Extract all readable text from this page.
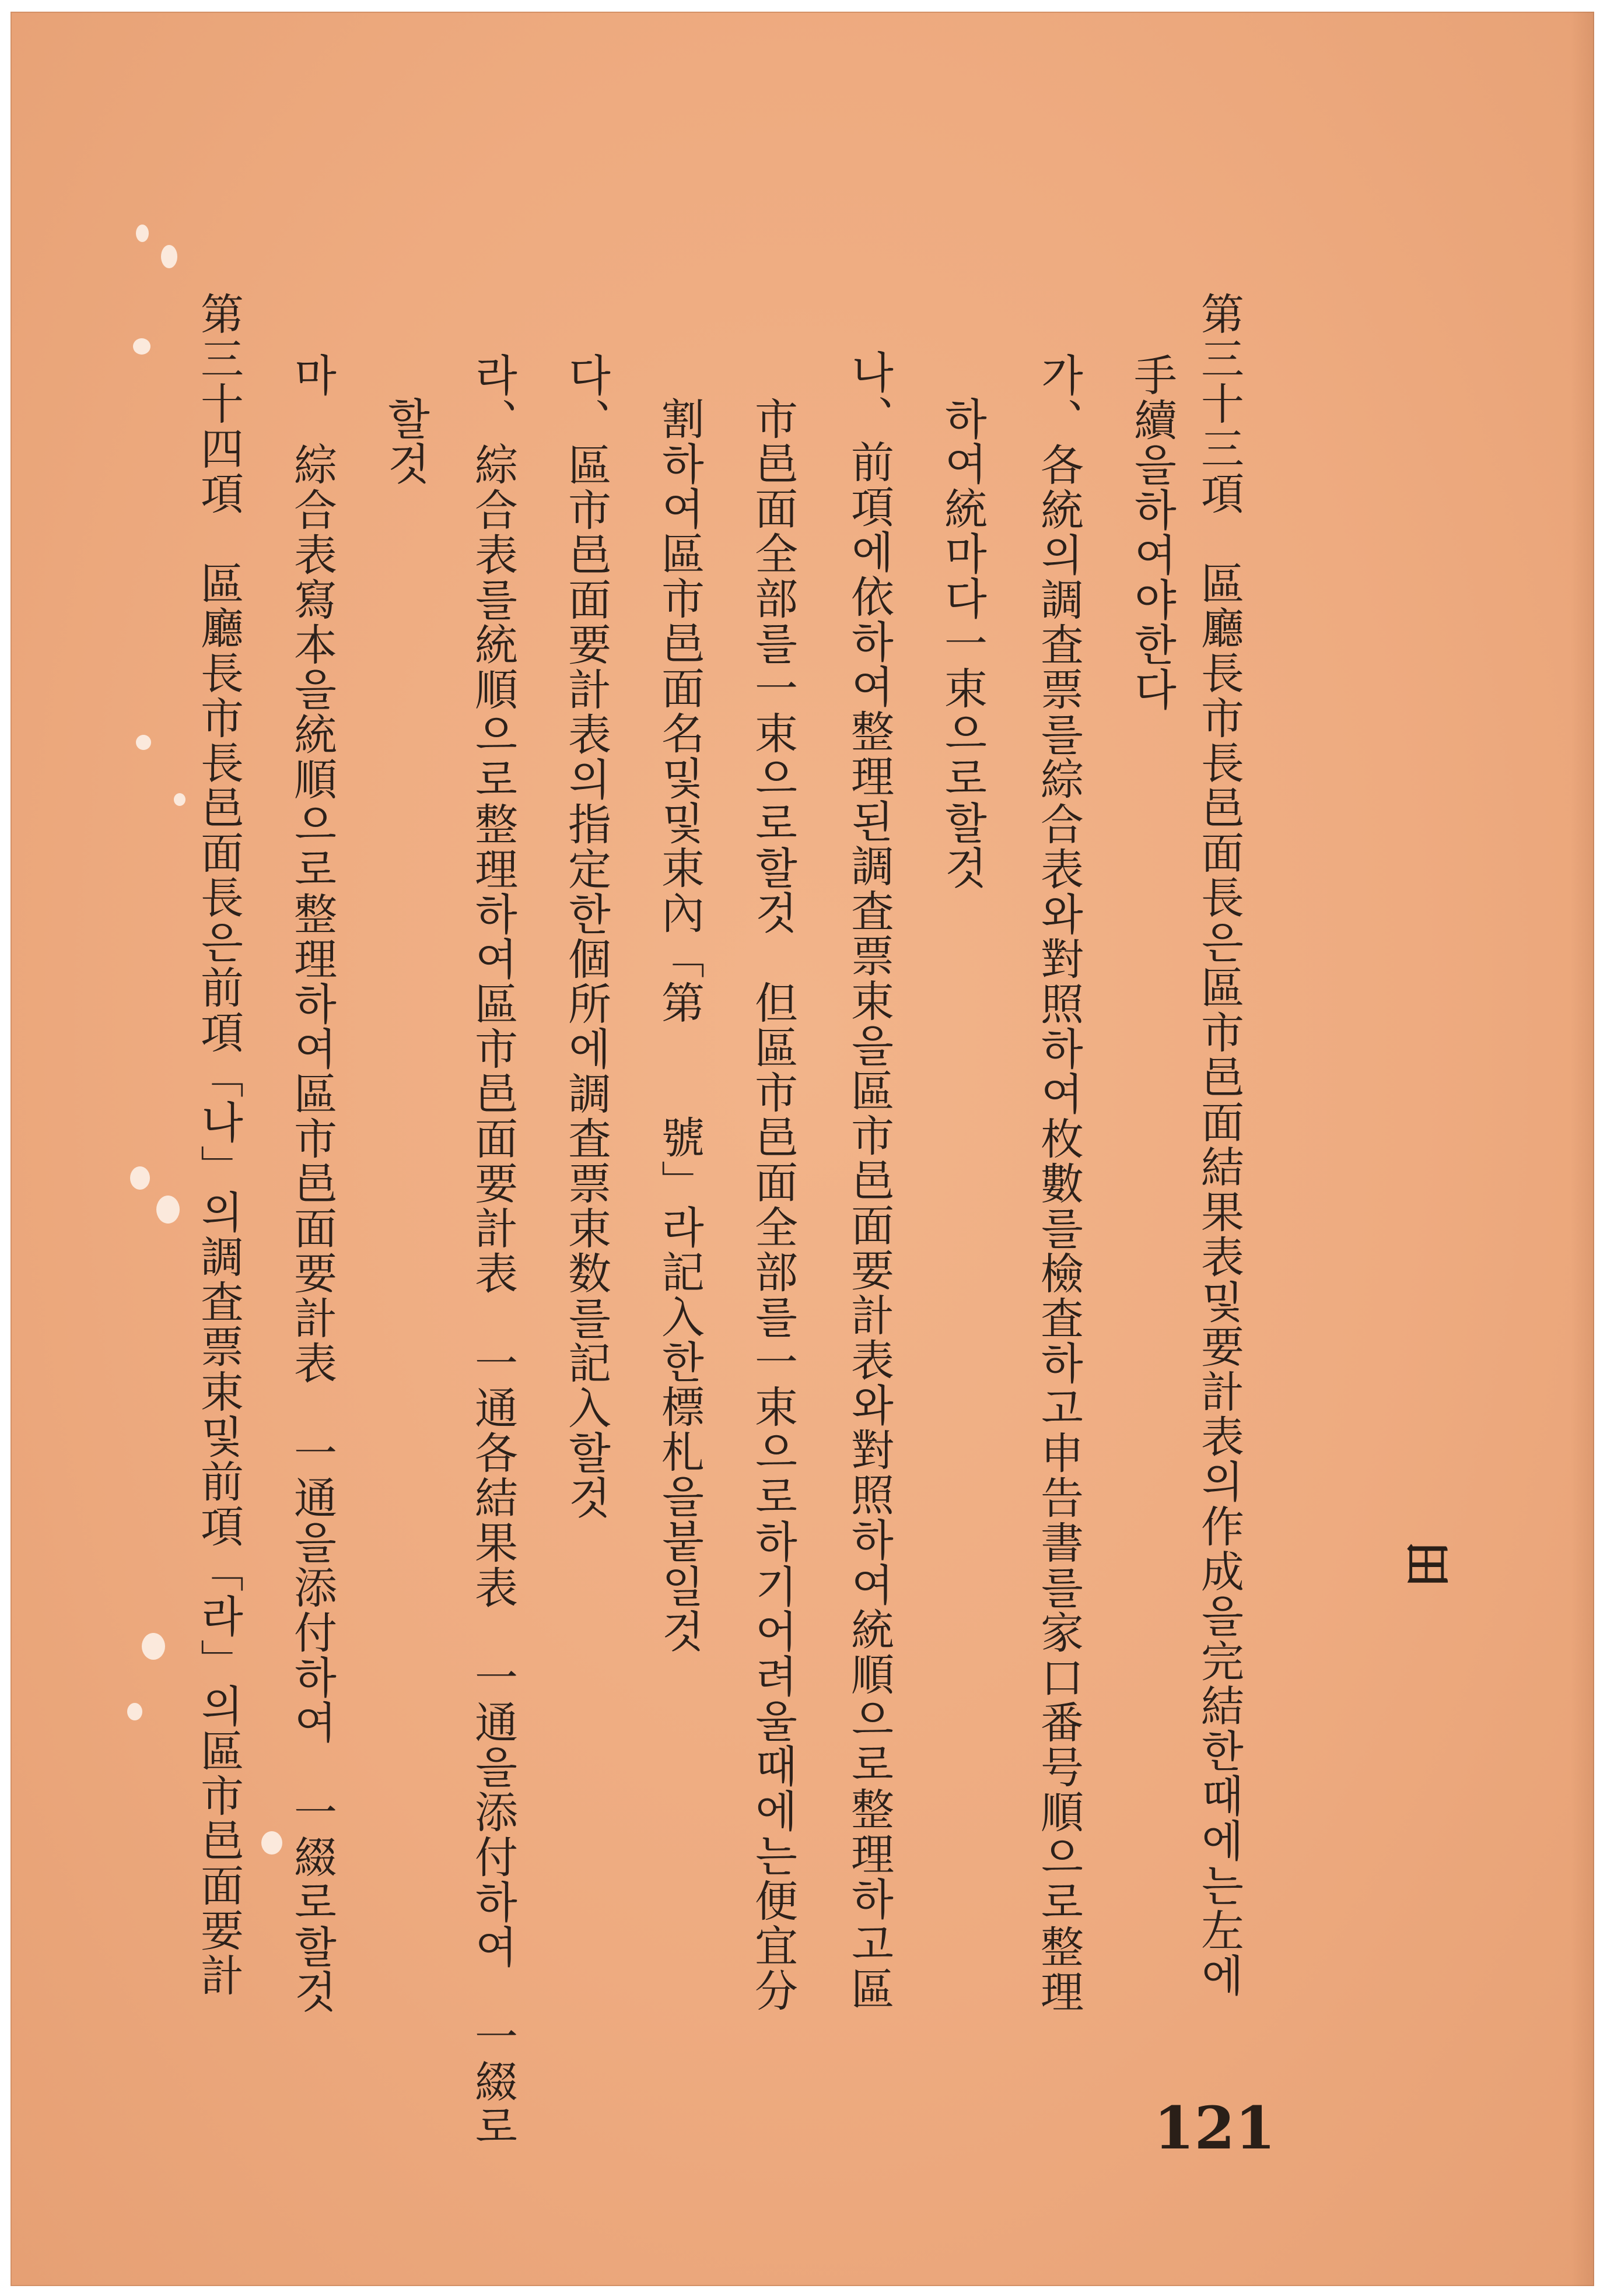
第三十三項　區廳長市長邑面長은區市邑面結果表및要計表의作成을完結한때에는左에
手續을하여야한다
가、各統의調査票를綜合表와對照하여枚數를檢査하고申告書를家口番号順으로整理
하여統마다一束으로할것
나、前項에依하여整理된調査票束을區市邑面要計表와對照하여統順으로整理하고區
市邑面全部를一束으로할것　但區市邑面全部를一束으로하기어려울때에는便宜分
割하여區市邑面名및및束內「第　　號」라記入한標札을붙일것
다、區市邑面要計表의指定한個所에調査票束数를記入할것
라、綜合表를統順으로整理하여區市邑面要計表　一通各結果表　一通을添付하여　一綴로
할것
마　綜合表寫本을統順으로整理하여區市邑面要計表　一通을添付하여　一綴로할것
第三十四項　區廳長市長邑面長은前項「나」의調査票束및前項「라」의區市邑面要計	田
121
